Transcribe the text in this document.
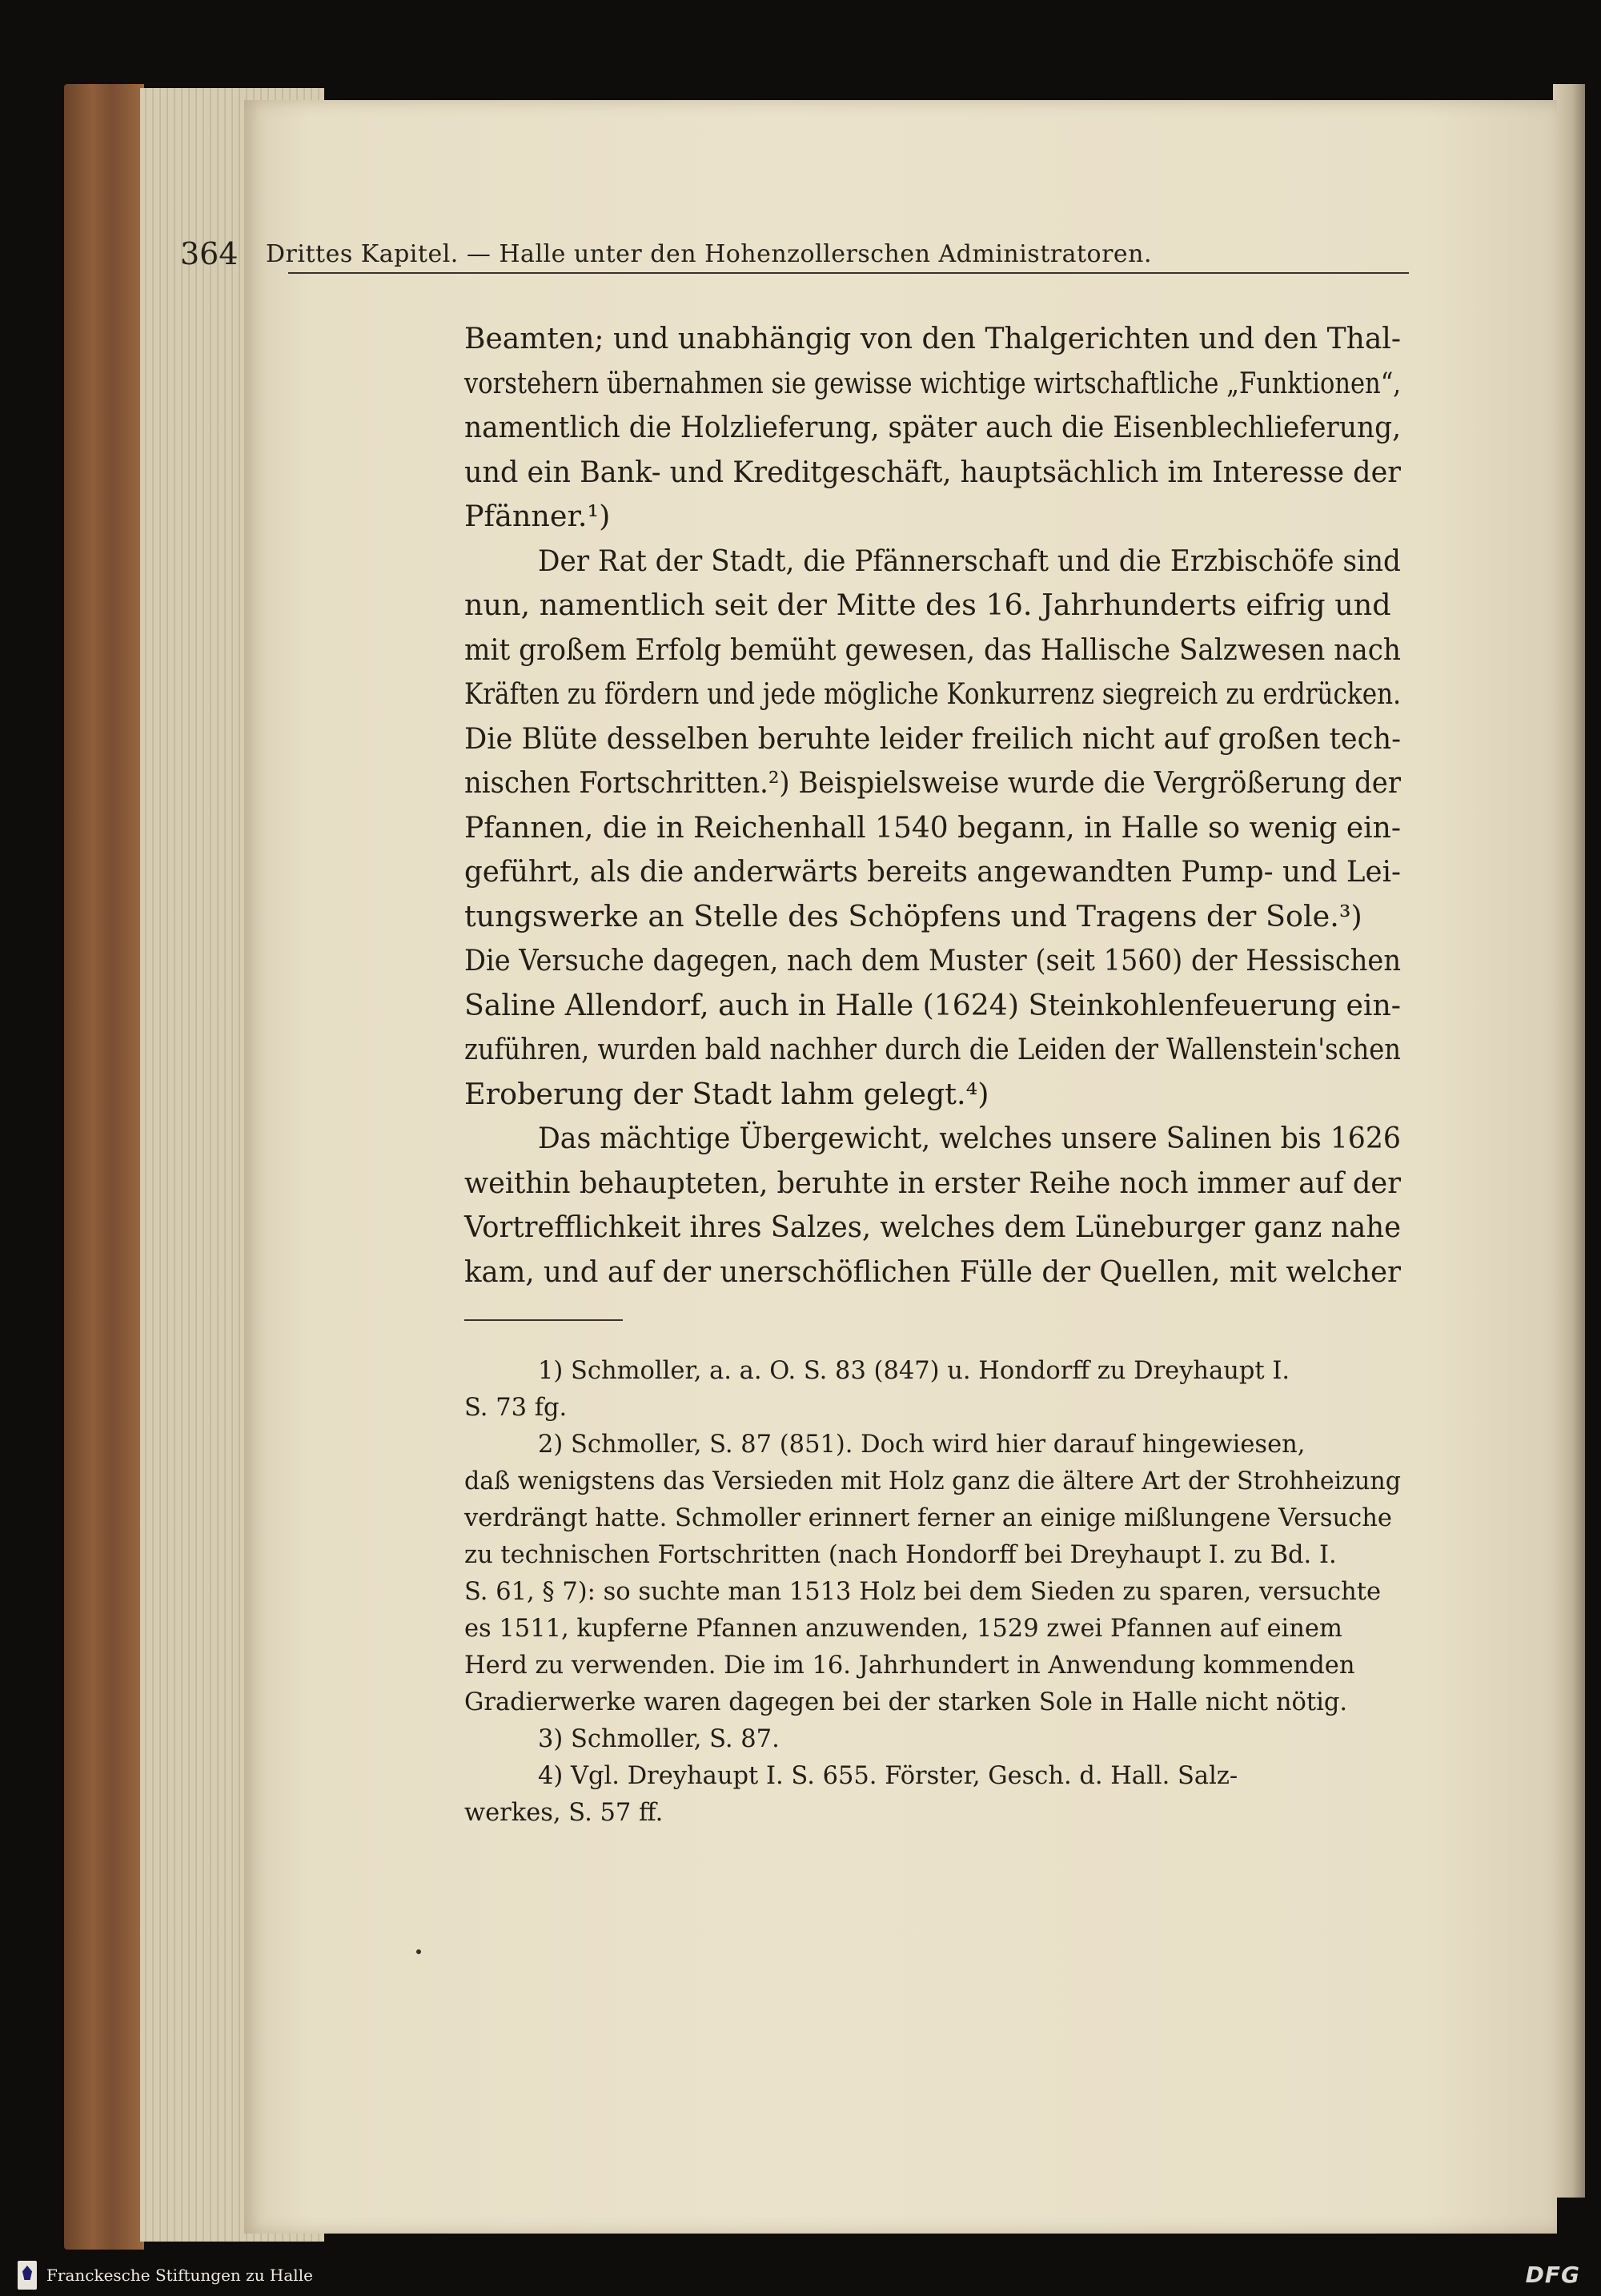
364 Drittes Kapitel. — Halle unter den Hohenzollerschen Administratoren.

Beamten; und unabhängig von den Thalgerichten und den Thal-

vorstehern übernahmen sie gewisse wichtige wirtschaftliche „Funktionen“,

namentlich die Holzlieferung, später auch die Eisenblechlieferung,

und ein Bank- und Kreditgeschäft, hauptsächlich im Interesse der

Pfänner.¹)

Der Rat der Stadt, die Pfännerschaft und die Erzbischöfe sind

nun, namentlich seit der Mitte des 16. Jahrhunderts eifrig und

mit großem Erfolg bemüht gewesen, das Hallische Salzwesen nach

Kräften zu fördern und jede mögliche Konkurrenz siegreich zu erdrücken.

Die Blüte desselben beruhte leider freilich nicht auf großen tech-

nischen Fortschritten.²) Beispielsweise wurde die Vergrößerung der

Pfannen, die in Reichenhall 1540 begann, in Halle so wenig ein-

geführt, als die anderwärts bereits angewandten Pump- und Lei-

tungswerke an Stelle des Schöpfens und Tragens der Sole.³)

Die Versuche dagegen, nach dem Muster (seit 1560) der Hessischen

Saline Allendorf, auch in Halle (1624) Steinkohlenfeuerung ein-

zuführen, wurden bald nachher durch die Leiden der Wallenstein'schen

Eroberung der Stadt lahm gelegt.⁴)

Das mächtige Übergewicht, welches unsere Salinen bis 1626

weithin behaupteten, beruhte in erster Reihe noch immer auf der

Vortrefflichkeit ihres Salzes, welches dem Lüneburger ganz nahe

kam, und auf der unerschöflichen Fülle der Quellen, mit welcher

1) Schmoller, a. a. O. S. 83 (847) u. Hondorff zu Dreyhaupt I.

S. 73 fg.

2) Schmoller, S. 87 (851). Doch wird hier darauf hingewiesen,

daß wenigstens das Versieden mit Holz ganz die ältere Art der Strohheizung

verdrängt hatte. Schmoller erinnert ferner an einige mißlungene Versuche

zu technischen Fortschritten (nach Hondorff bei Dreyhaupt I. zu Bd. I.

S. 61, § 7): so suchte man 1513 Holz bei dem Sieden zu sparen, versuchte

es 1511, kupferne Pfannen anzuwenden, 1529 zwei Pfannen auf einem

Herd zu verwenden. Die im 16. Jahrhundert in Anwendung kommenden

Gradierwerke waren dagegen bei der starken Sole in Halle nicht nötig.

3) Schmoller, S. 87.

4) Vgl. Dreyhaupt I. S. 655. Förster, Gesch. d. Hall. Salz-

werkes, S. 57 ff.

Franckesche Stiftungen zu Halle	DFG
